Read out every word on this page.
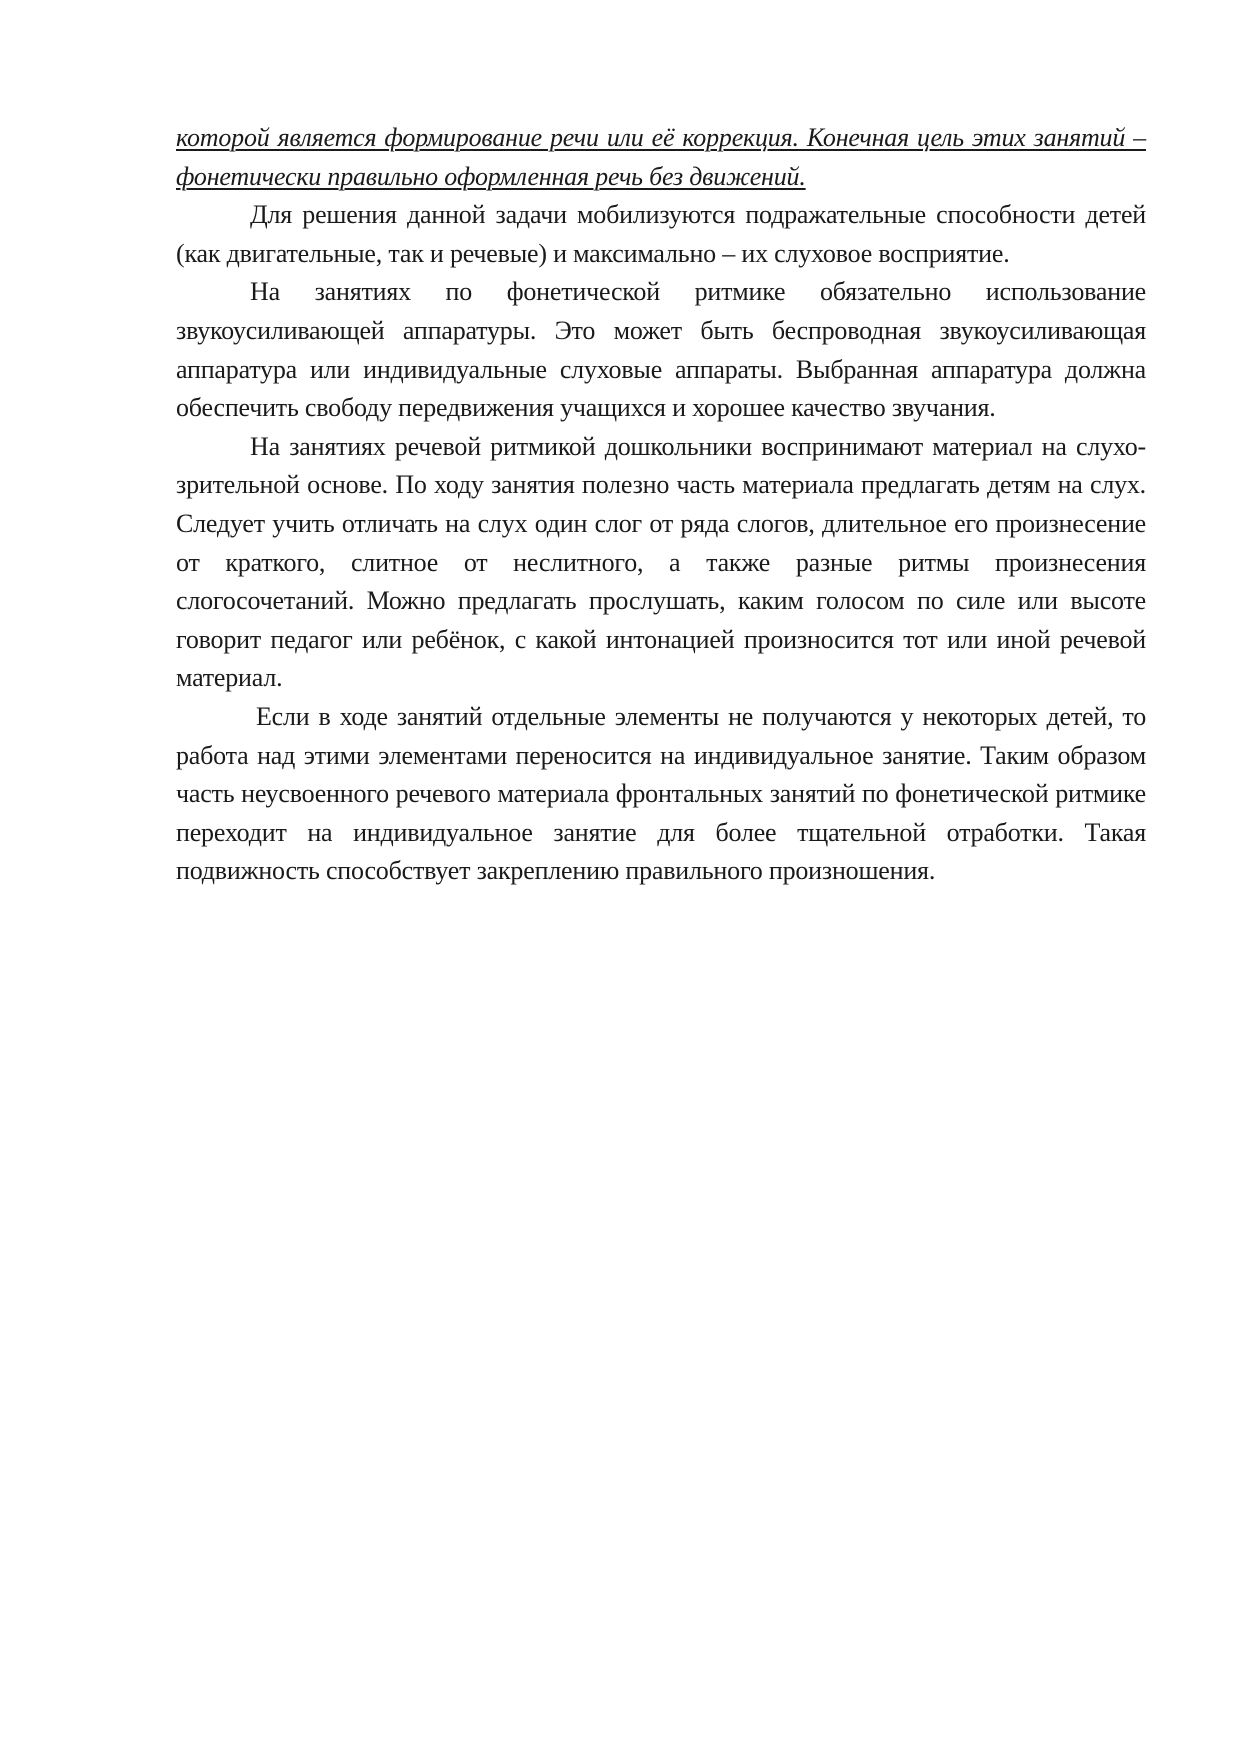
которой является формирование речи или её коррекция. Конечная цель этих занятий – фонетически правильно оформленная речь без движений.

Для решения данной задачи мобилизуются подражательные способности детей (как двигательные, так и речевые) и максимально – их слуховое восприятие.

На занятиях по фонетической ритмике обязательно использование звукоусиливающей аппаратуры. Это может быть беспроводная звукоусиливающая аппаратура или индивидуальные слуховые аппараты. Выбранная аппаратура должна обеспечить свободу передвижения учащихся и хорошее качество звучания.

На занятиях речевой ритмикой дошкольники воспринимают материал на слухо-зрительной основе. По ходу занятия полезно часть материала предлагать детям на слух. Следует учить отличать на слух один слог от ряда слогов, длительное его произнесение от краткого, слитное от неслитного, а также разные ритмы произнесения слогосочетаний. Можно предлагать прослушать, каким голосом по силе или высоте говорит педагог или ребёнок, с какой интонацией произносится тот или иной речевой материал.

Если в ходе занятий отдельные элементы не получаются у некоторых детей, то работа над этими элементами переносится на индивидуальное занятие. Таким образом часть неусвоенного речевого материала фронтальных занятий по фонетической ритмике переходит на индивидуальное занятие для более тщательной отработки. Такая подвижность способствует закреплению правильного произношения.
